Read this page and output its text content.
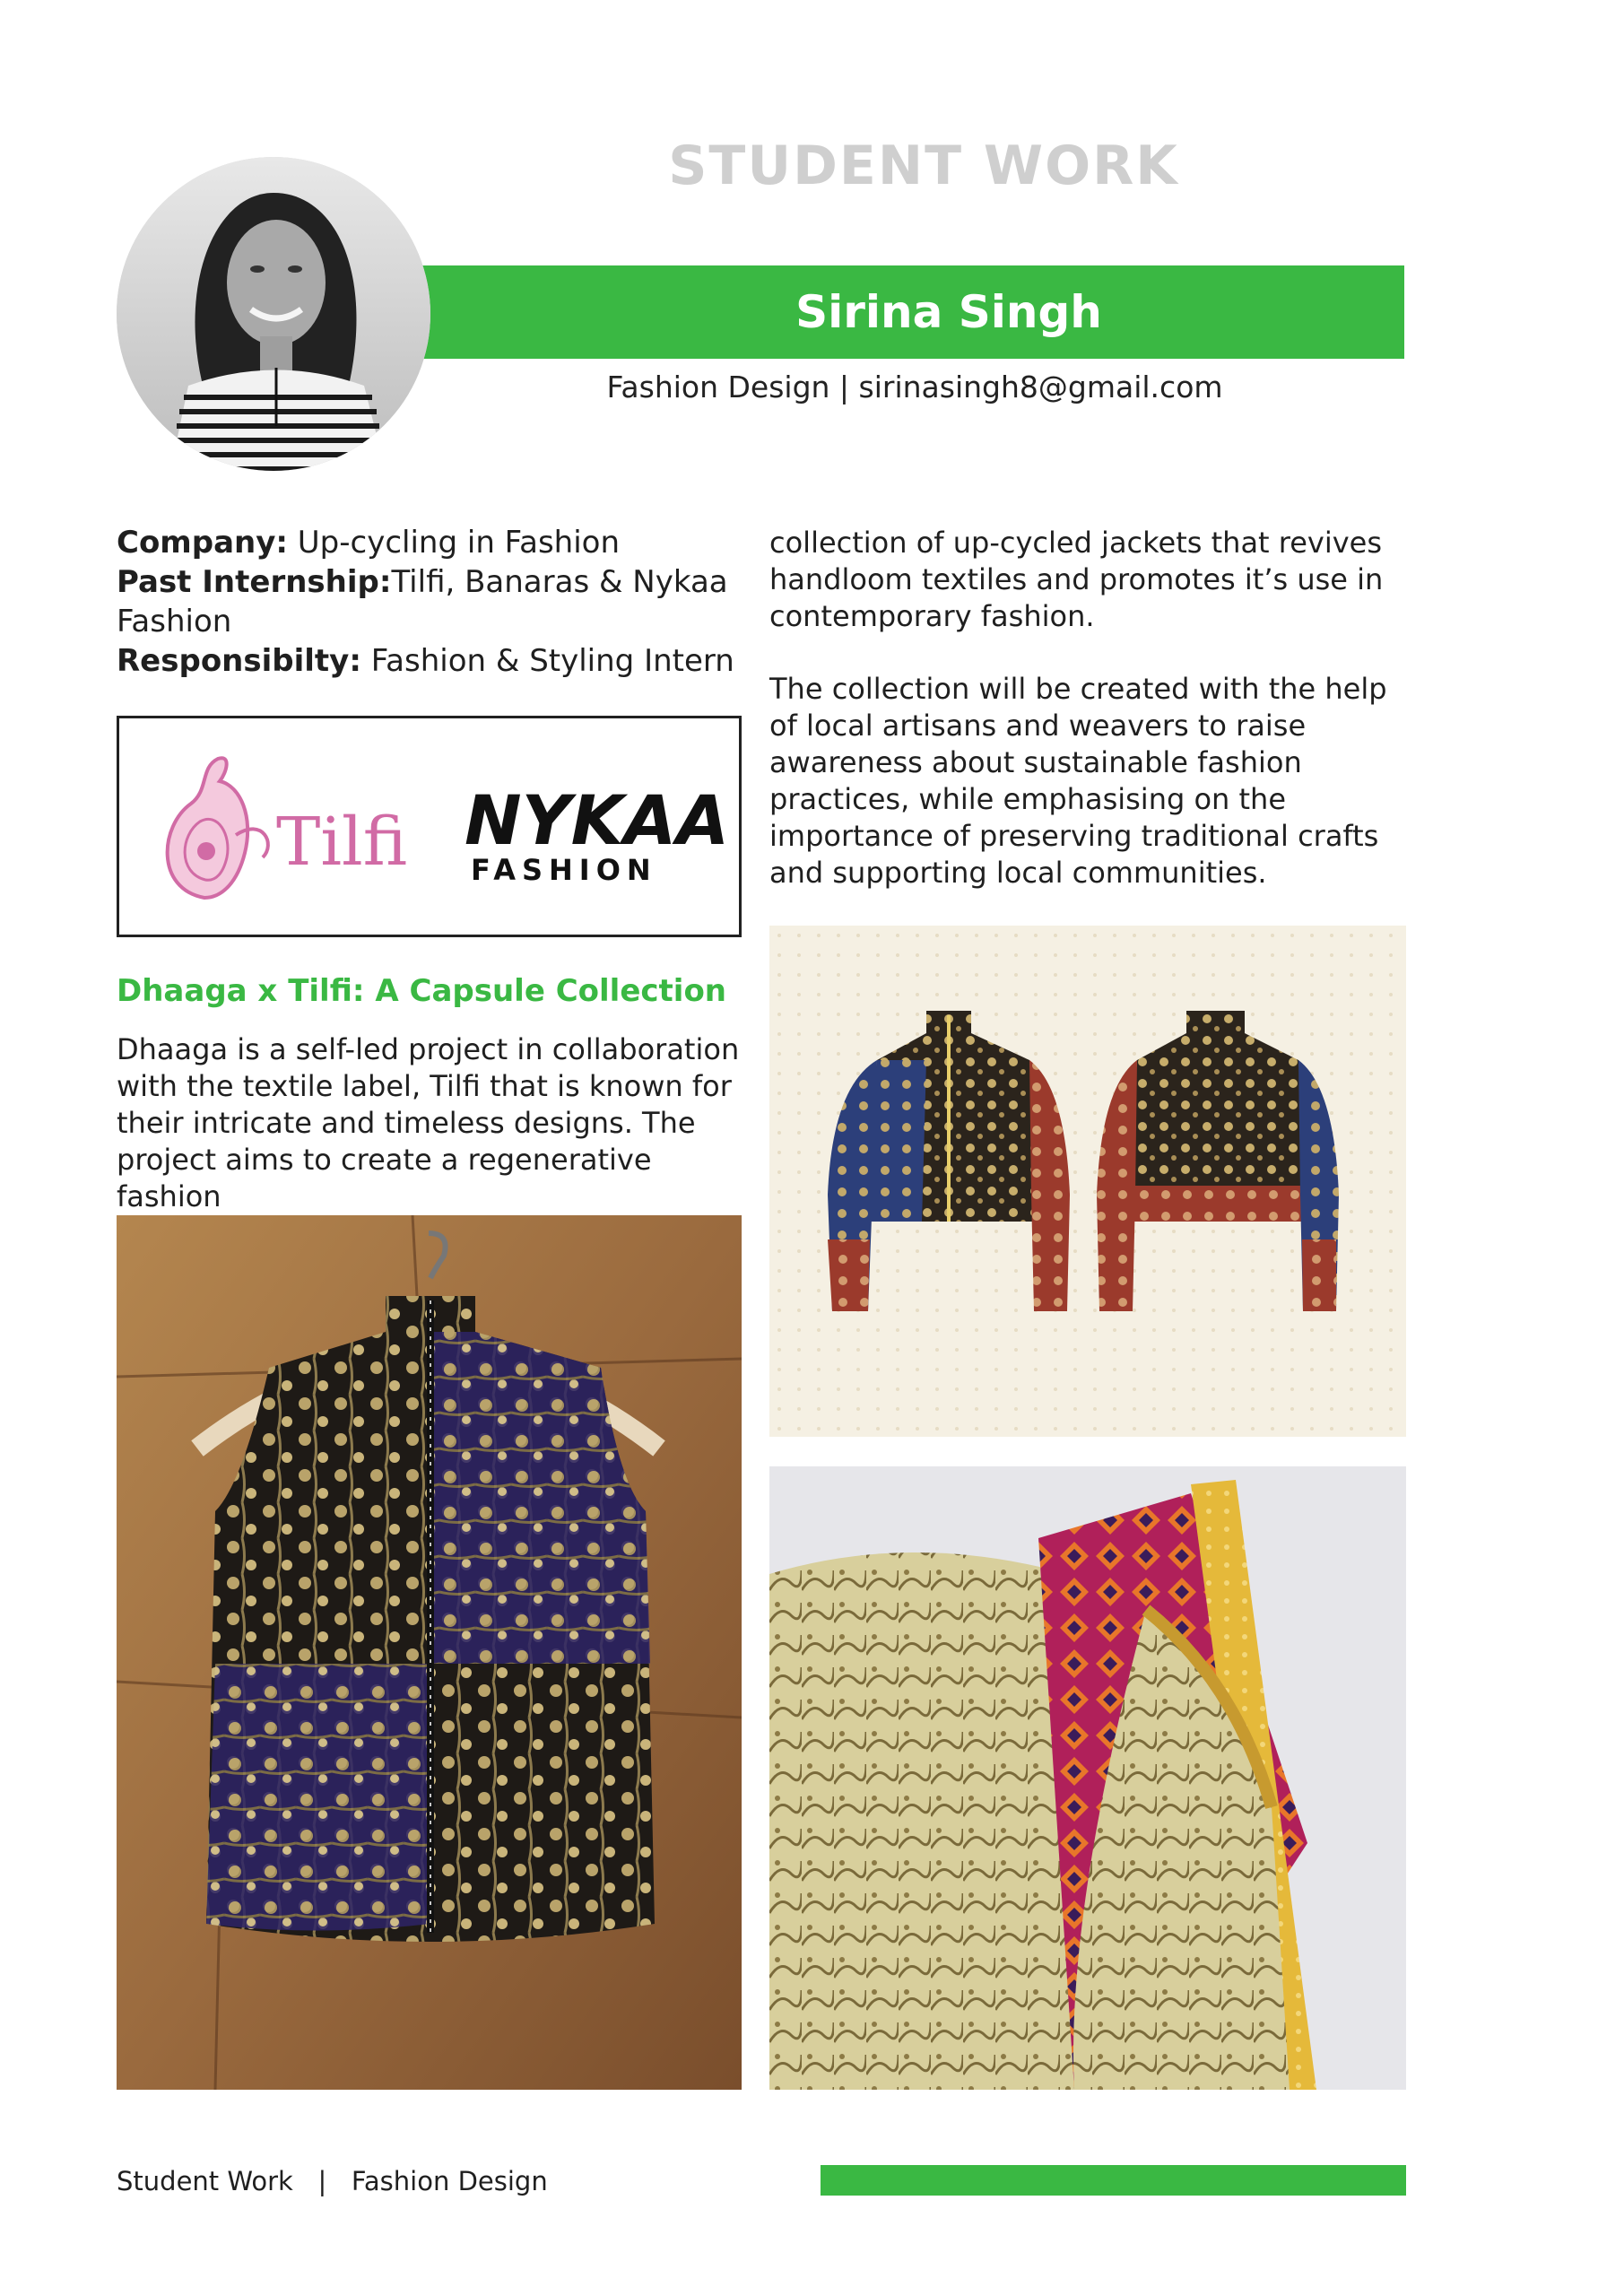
STUDENT WORK
Sirina Singh
Fashion Design | sirinasingh8@gmail.com

Company: Up-cycling in Fashion

Past Internship:Tilfi, Banaras & Nykaa Fashion

Responsibilty: Fashion & Styling Intern

Tilfi NYKAA
FASHION
Dhaaga x Tilfi: A Capsule Collection
Dhaaga is a self-led project in collaboration with the textile label, Tilfi that is known for their intricate and timeless designs. The project aims to create a regenerative fashion

collection of up-cycled jackets that revives handloom textiles and promotes it’s use in contemporary fashion.

The collection will be created with the help of local artisans and weavers to raise awareness about sustainable fashion practices, while emphasising on the importance of preserving traditional crafts and supporting local communities.

Student Work   |   Fashion Design
